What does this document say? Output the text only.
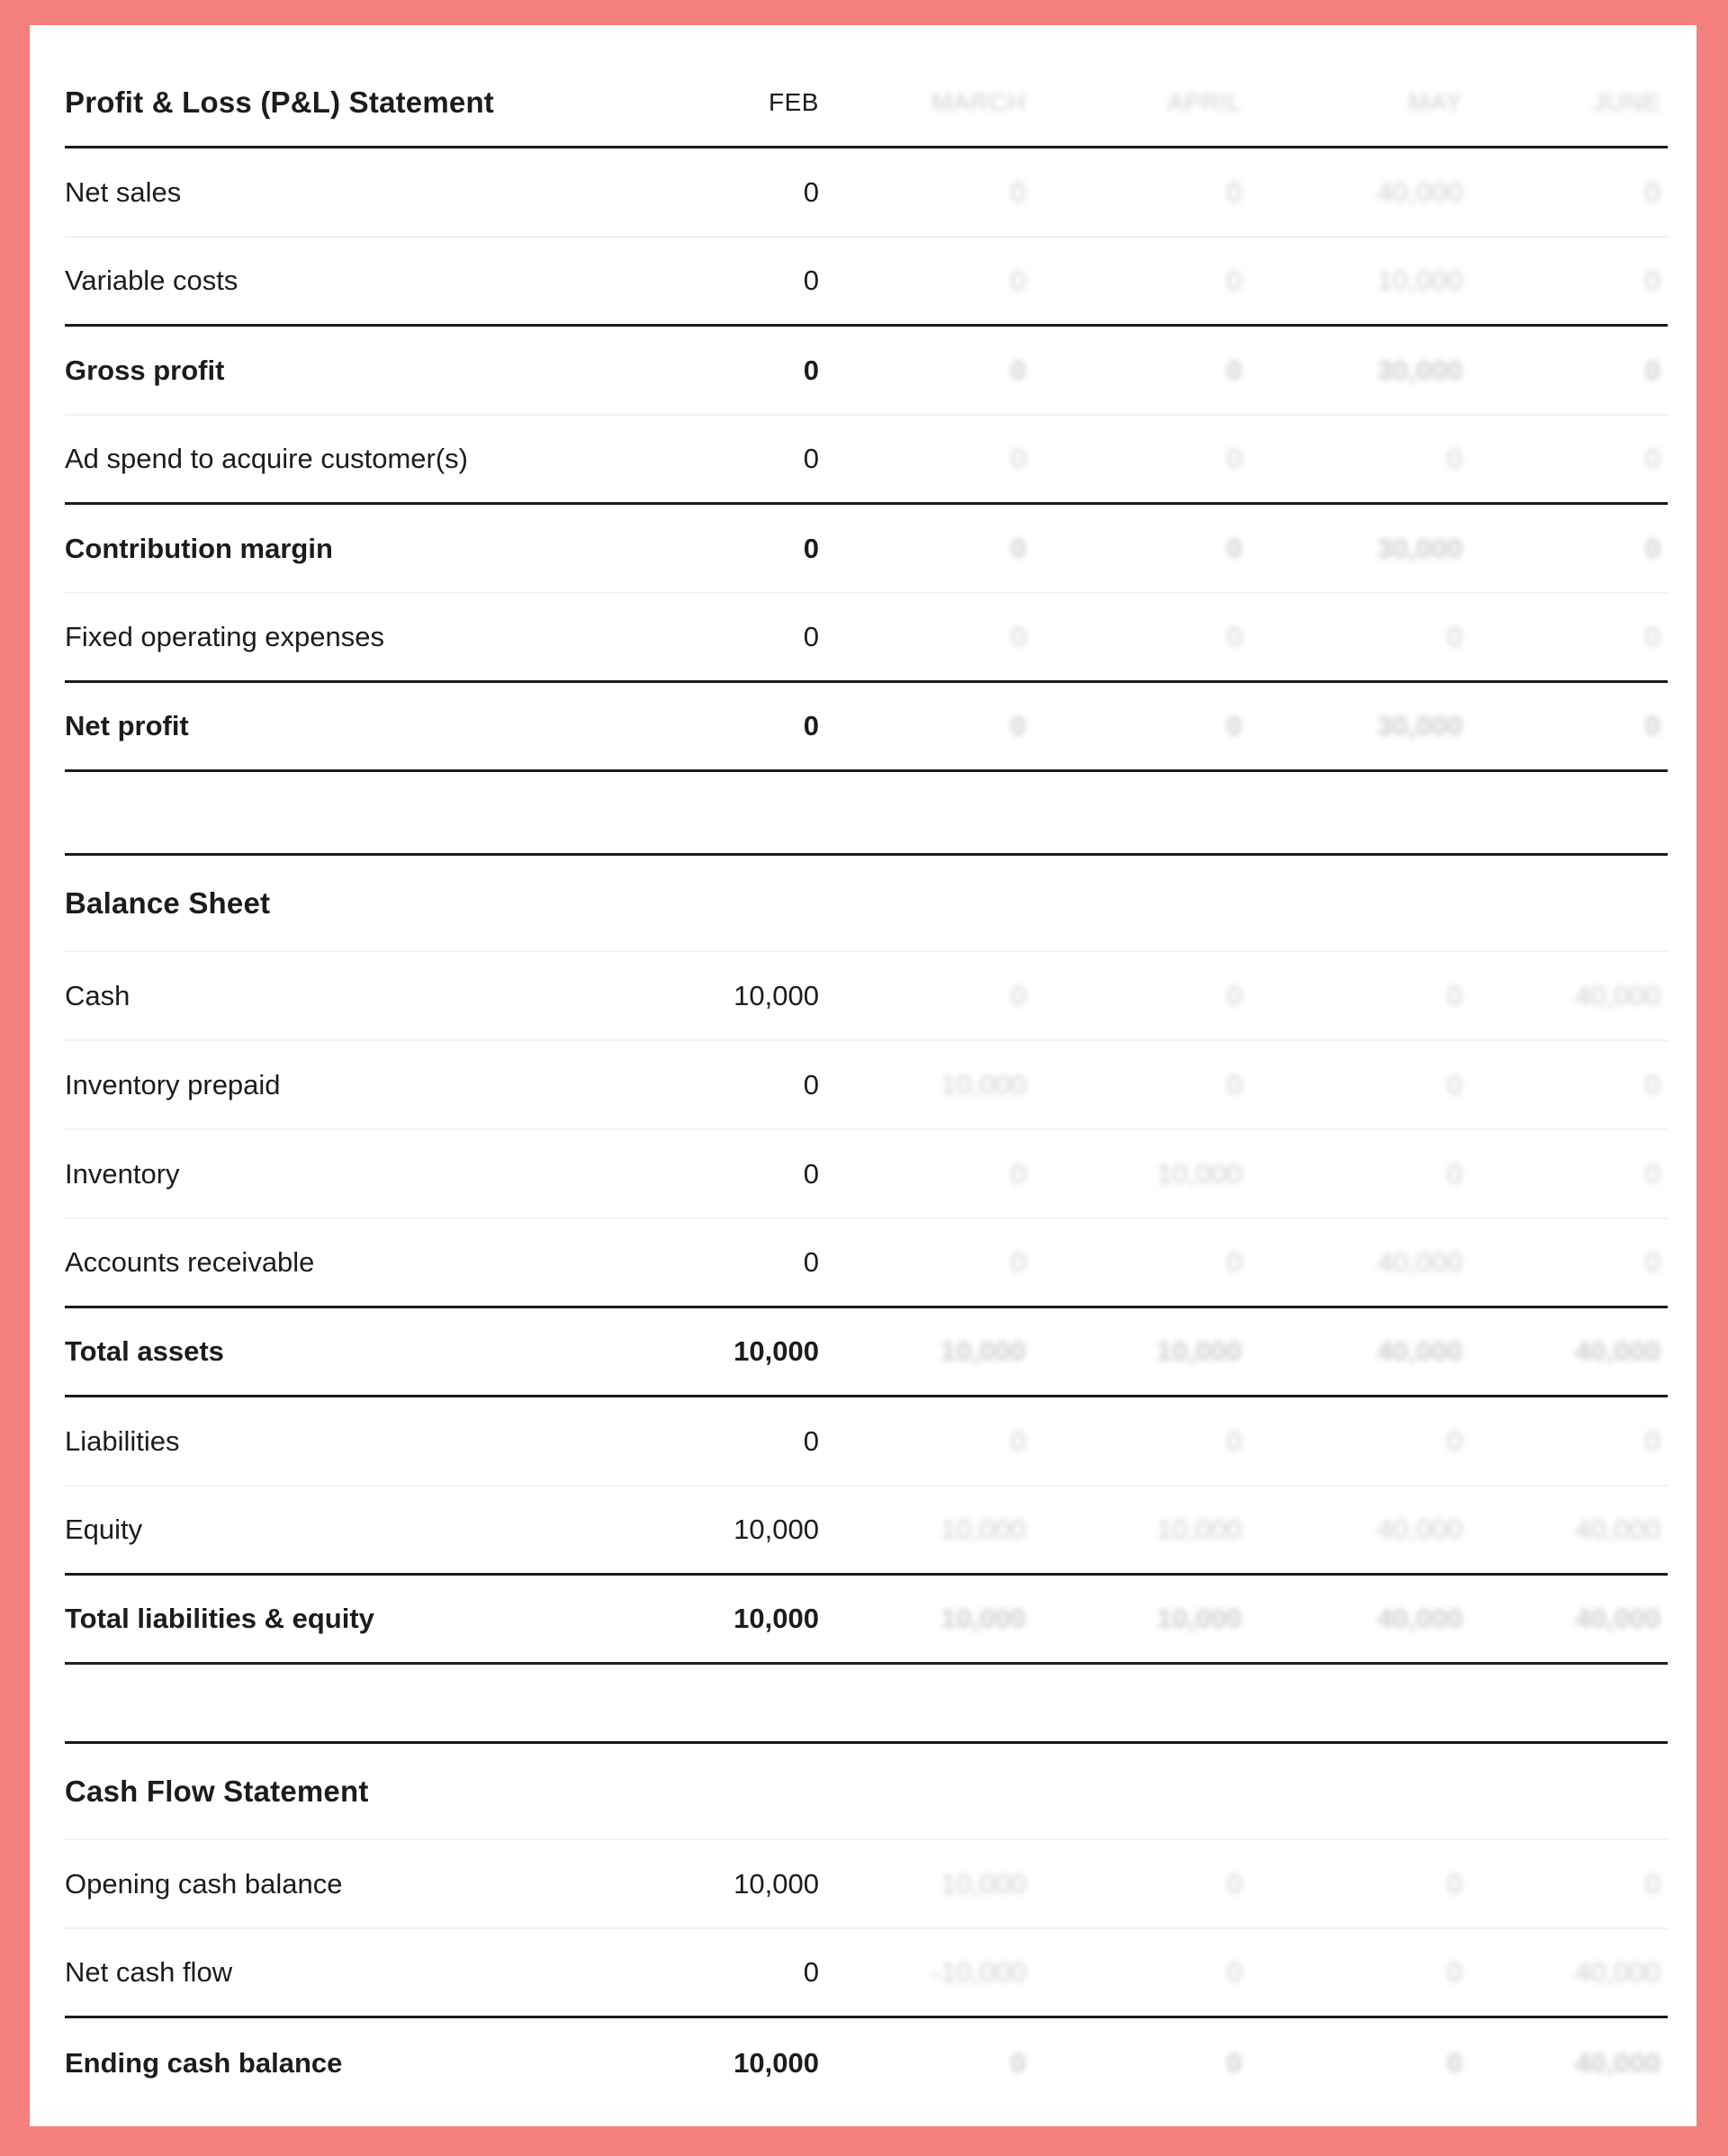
Profit & Loss (P&L) Statement	FEB	MARCH	APRIL	MAY	JUNE
Net sales	0	0	0	40,000	0
Variable costs	0	0	0	10,000	0
Gross profit	0	0	0	30,000	0
Ad spend to acquire customer(s)	0	0	0	0	0
Contribution margin	0	0	0	30,000	0
Fixed operating expenses	0	0	0	0	0
Net profit	0	0	0	30,000	0
Balance Sheet
Cash	10,000	0	0	0	40,000
Inventory prepaid	0	10,000	0	0	0
Inventory	0	0	10,000	0	0
Accounts receivable	0	0	0	40,000	0
Total assets	10,000	10,000	10,000	40,000	40,000
Liabilities	0	0	0	0	0
Equity	10,000	10,000	10,000	40,000	40,000
Total liabilities & equity	10,000	10,000	10,000	40,000	40,000
Cash Flow Statement
Opening cash balance	10,000	10,000	0	0	0
Net cash flow	0	-10,000	0	0	40,000
Ending cash balance	10,000	0	0	0	40,000
